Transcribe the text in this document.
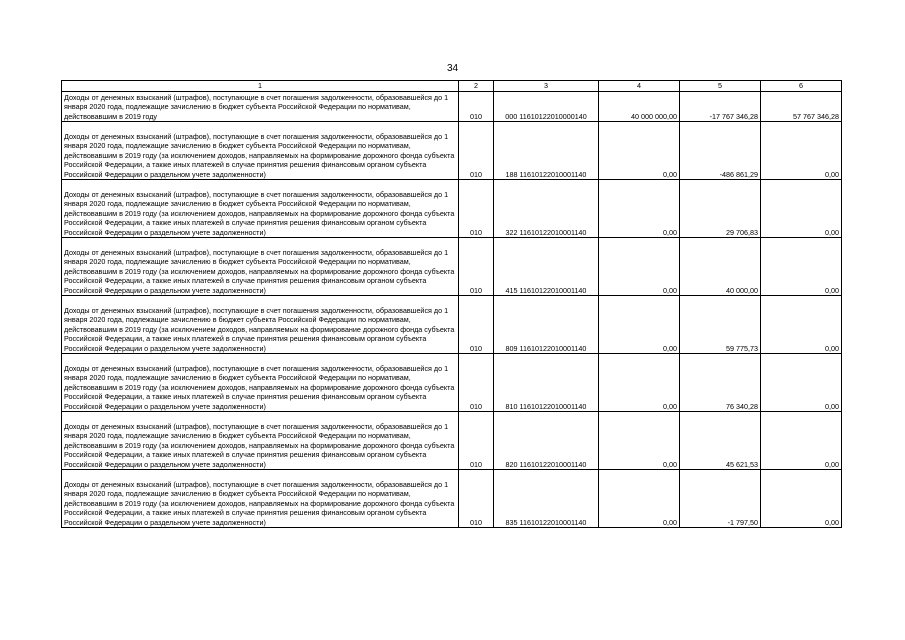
34
1	2	3	4	5	6
Доходы от денежных взысканий (штрафов), поступающие в счет погашения задолженности, образовавшейся до 1 января 2020 года, подлежащие зачислению в бюджет субъекта Российской Федерации по нормативам, действовавшим в 2019 году	010	000 11610122010000140	40 000 000,00	-17 767 346,28	57 767 346,28
Доходы от денежных взысканий (штрафов), поступающие в счет погашения задолженности, образовавшейся до 1 января 2020 года, подлежащие зачислению в бюджет субъекта Российской Федерации по нормативам, действовавшим в 2019 году (за исключением доходов, направляемых на формирование дорожного фонда субъекта Российской Федерации, а также иных платежей в случае принятия решения финансовым органом субъекта Российской Федерации о раздельном учете задолженности)	010	188 11610122010001140	0,00	-486 861,29	0,00
Доходы от денежных взысканий (штрафов), поступающие в счет погашения задолженности, образовавшейся до 1 января 2020 года, подлежащие зачислению в бюджет субъекта Российской Федерации по нормативам, действовавшим в 2019 году (за исключением доходов, направляемых на формирование дорожного фонда субъекта Российской Федерации, а также иных платежей в случае принятия решения финансовым органом субъекта Российской Федерации о раздельном учете задолженности)	010	322 11610122010001140	0,00	29 706,83	0,00
Доходы от денежных взысканий (штрафов), поступающие в счет погашения задолженности, образовавшейся до 1 января 2020 года, подлежащие зачислению в бюджет субъекта Российской Федерации по нормативам, действовавшим в 2019 году (за исключением доходов, направляемых на формирование дорожного фонда субъекта Российской Федерации, а также иных платежей в случае принятия решения финансовым органом субъекта Российской Федерации о раздельном учете задолженности)	010	415 11610122010001140	0,00	40 000,00	0,00
Доходы от денежных взысканий (штрафов), поступающие в счет погашения задолженности, образовавшейся до 1 января 2020 года, подлежащие зачислению в бюджет субъекта Российской Федерации по нормативам, действовавшим в 2019 году (за исключением доходов, направляемых на формирование дорожного фонда субъекта Российской Федерации, а также иных платежей в случае принятия решения финансовым органом субъекта Российской Федерации о раздельном учете задолженности)	010	809 11610122010001140	0,00	59 775,73	0,00
Доходы от денежных взысканий (штрафов), поступающие в счет погашения задолженности, образовавшейся до 1 января 2020 года, подлежащие зачислению в бюджет субъекта Российской Федерации по нормативам, действовавшим в 2019 году (за исключением доходов, направляемых на формирование дорожного фонда субъекта Российской Федерации, а также иных платежей в случае принятия решения финансовым органом субъекта Российской Федерации о раздельном учете задолженности)	010	810 11610122010001140	0,00	76 340,28	0,00
Доходы от денежных взысканий (штрафов), поступающие в счет погашения задолженности, образовавшейся до 1 января 2020 года, подлежащие зачислению в бюджет субъекта Российской Федерации по нормативам, действовавшим в 2019 году (за исключением доходов, направляемых на формирование дорожного фонда субъекта Российской Федерации, а также иных платежей в случае принятия решения финансовым органом субъекта Российской Федерации о раздельном учете задолженности)	010	820 11610122010001140	0,00	45 621,53	0,00
Доходы от денежных взысканий (штрафов), поступающие в счет погашения задолженности, образовавшейся до 1 января 2020 года, подлежащие зачислению в бюджет субъекта Российской Федерации по нормативам, действовавшим в 2019 году (за исключением доходов, направляемых на формирование дорожного фонда субъекта Российской Федерации, а также иных платежей в случае принятия решения финансовым органом субъекта Российской Федерации о раздельном учете задолженности)	010	835 11610122010001140	0,00	-1 797,50	0,00
